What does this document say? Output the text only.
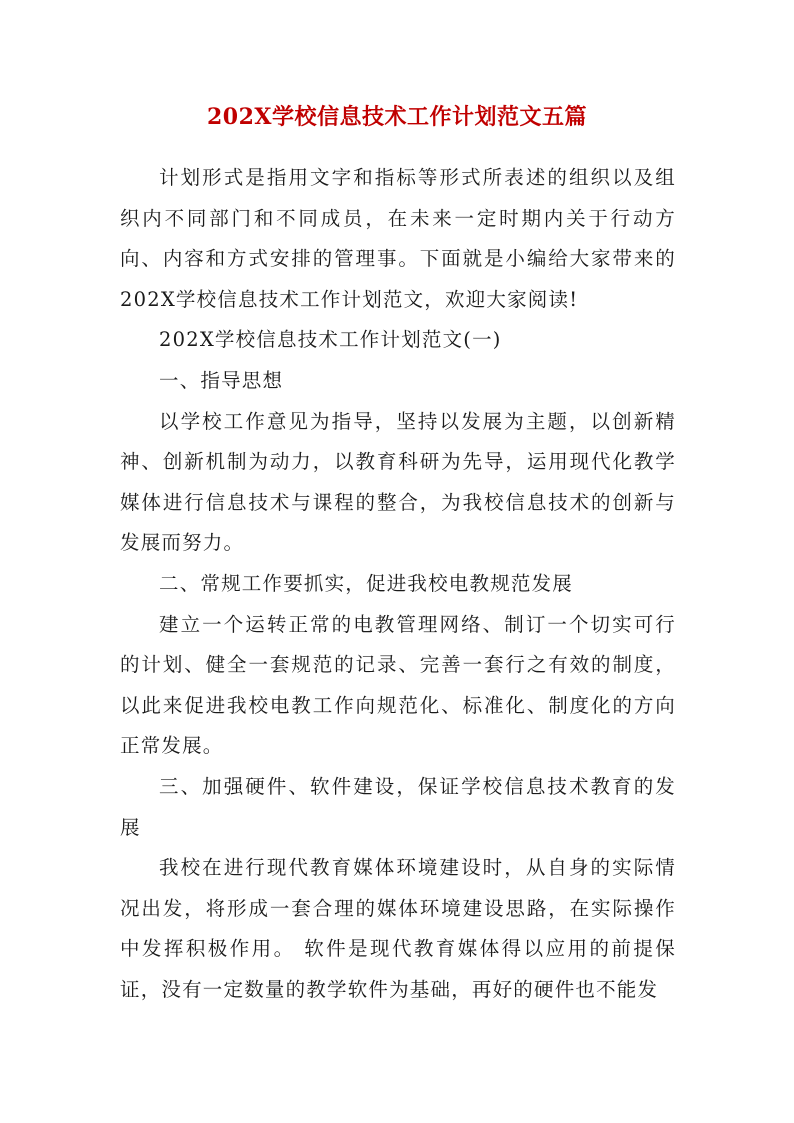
202X学校信息技术工作计划范文五篇

计划形式是指用文字和指标等形式所表述的组织以及组织内不同部门和不同成员，在未来一定时期内关于行动方向、内容和方式安排的管理事。下面就是小编给大家带来的202X学校信息技术工作计划范文，欢迎大家阅读!

202X学校信息技术工作计划范文(一)

一、指导思想

以学校工作意见为指导，坚持以发展为主题，以创新精神、创新机制为动力，以教育科研为先导，运用现代化教学媒体进行信息技术与课程的整合，为我校信息技术的创新与发展而努力。

二、常规工作要抓实，促进我校电教规范发展

建立一个运转正常的电教管理网络、制订一个切实可行的计划、健全一套规范的记录、完善一套行之有效的制度，以此来促进我校电教工作向规范化、标准化、制度化的方向正常发展。

三、加强硬件、软件建设，保证学校信息技术教育的发展

我校在进行现代教育媒体环境建设时，从自身的实际情况出发，将形成一套合理的媒体环境建设思路，在实际操作中发挥积极作用。 软件是现代教育媒体得以应用的前提保证，没有一定数量的教学软件为基础，再好的硬件也不能发
